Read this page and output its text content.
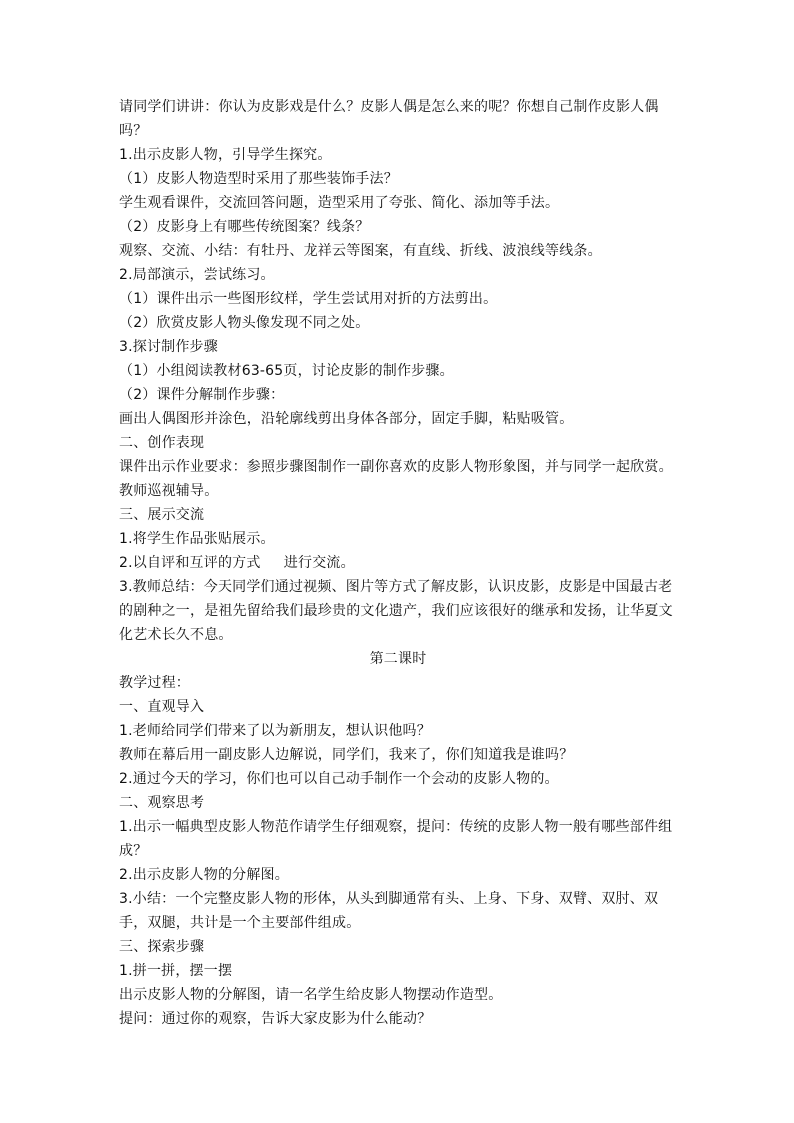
请同学们讲讲：你认为皮影戏是什么？皮影人偶是怎么来的呢？你想自己制作皮影人偶吗？

1.出示皮影人物，引导学生探究。

（1）皮影人物造型时采用了那些装饰手法？

学生观看课件，交流回答问题，造型采用了夸张、简化、添加等手法。

（2）皮影身上有哪些传统图案？线条？

观察、交流、小结：有牡丹、龙祥云等图案，有直线、折线、波浪线等线条。

2.局部演示，尝试练习。

（1）课件出示一些图形纹样，学生尝试用对折的方法剪出。

（2）欣赏皮影人物头像发现不同之处。

3.探讨制作步骤

（1）小组阅读教材63-65页，讨论皮影的制作步骤。

（2）课件分解制作步骤：

画出人偶图形并涂色，沿轮廓线剪出身体各部分，固定手脚，粘贴吸管。

二、创作表现

课件出示作业要求：参照步骤图制作一副你喜欢的皮影人物形象图，并与同学一起欣赏。教师巡视辅导。

三、展示交流

1.将学生作品张贴展示。

2.以自评和互评的方式     进行交流。

3.教师总结：今天同学们通过视频、图片等方式了解皮影，认识皮影，皮影是中国最古老的剧种之一，是祖先留给我们最珍贵的文化遗产，我们应该很好的继承和发扬，让华夏文化艺术长久不息。

第二课时

教学过程：

一、直观导入

1.老师给同学们带来了以为新朋友，想认识他吗？

教师在幕后用一副皮影人边解说，同学们，我来了，你们知道我是谁吗？

2.通过今天的学习，你们也可以自己动手制作一个会动的皮影人物的。

二、观察思考

1.出示一幅典型皮影人物范作请学生仔细观察，提问：传统的皮影人物一般有哪些部件组成？

2.出示皮影人物的分解图。

3.小结：一个完整皮影人物的形体，从头到脚通常有头、上身、下身、双臂、双肘、双手，双腿，共计是一个主要部件组成。

三、探索步骤

1.拼一拼，摆一摆

出示皮影人物的分解图，请一名学生给皮影人物摆动作造型。

提问：通过你的观察，告诉大家皮影为什么能动？
